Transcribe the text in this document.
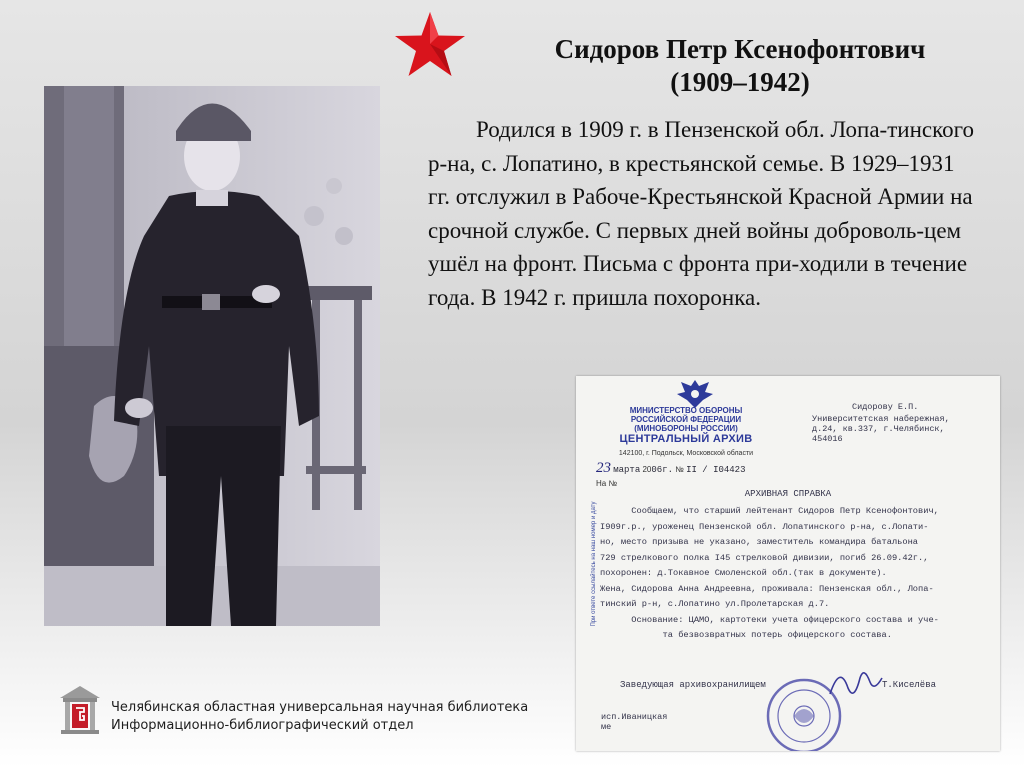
Сидоров Петр Ксенофонтович
(1909–1942)

Родился в 1909 г. в Пензенской обл. Лопа-тинского р-на, с. Лопатино, в крестьянской семье. В 1929–1931 гг. отслужил в Рабоче-Крестьянской Красной Армии на срочной службе. С первых дней войны доброволь-цем ушёл на фронт. Письма с фронта при-ходили в течение года. В 1942 г. пришла похоронка.

МИНИСТЕРСТВО ОБОРОНЫ
РОССИЙСКОЙ ФЕДЕРАЦИИ
(МИНОБОРОНЫ РОССИИ)
ЦЕНТРАЛЬНЫЙ АРХИВ
142100, г. Подольск, Московской области
23 марта 2006г. № II / I04423
На №
Сидорову Е.П.
Университетская набережная,
д.24, кв.337, г.Челябинск,
454016
При ответе ссылайтесь на наш номер и дату
АРХИВНАЯ СПРАВКА
Сообщаем, что старший лейтенант Сидоров Петр Ксенофонтович,
I909г.р., уроженец Пензенской обл. Лопатинского р-на, с.Лопати-
но, место призыва не указано, заместитель командира батальона
729 стрелкового полка I45 стрелковой дивизии, погиб 26.09.42г.,
похоронен: д.Токавное Смоленской обл.(так в документе).
Жена, Сидорова Анна Андреевна, проживала: Пензенская обл., Лопа-
тинский р-н, с.Лопатино ул.Пролетарская д.7.
Основание: ЦАМО, картотеки учета офицерского состава и уче-
та безвозвратных потерь офицерского состава.
Заведующая архивохранилищем	Т.Киселёва
исп.Иваницкая
ме
Челябинская областная универсальная научная библиотека
Информационно-библиографический отдел
